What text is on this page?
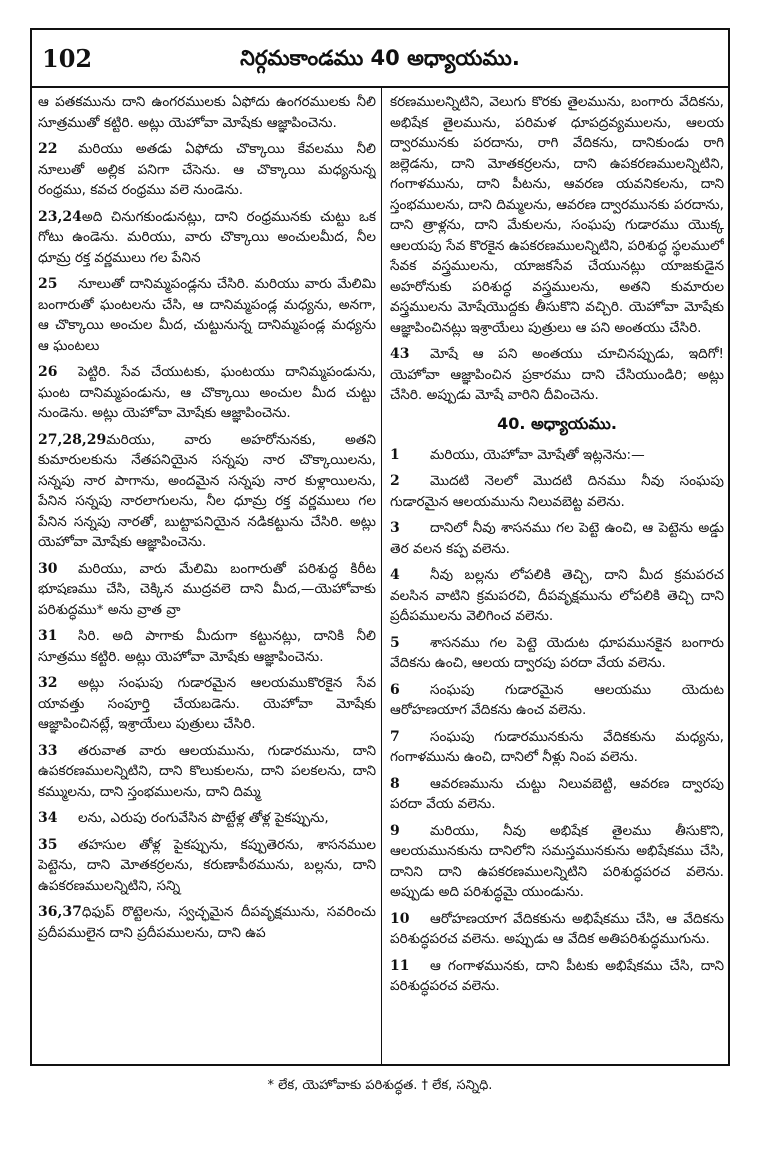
102	నిర్గమకాండము 40 అధ్యాయము.

ఆ పతకమును దాని ఉంగరములకు ఏఫోదు ఉంగరములకు నీలి సూత్రముతో కట్టిరి. అట్లు యెహోవా మోషేకు ఆజ్ఞాపించెను.

22 మరియు అతడు ఏఫోదు చొక్కాయి కేవలము నీలి నూలుతో అల్లిక పనిగా చేసెను. ఆ చొక్కాయి మధ్యనున్న రంధ్రము, కవచ రంధ్రము వలె నుండెను.

23,24అది చినుగకుండునట్లు, దాని రంధ్రమునకు చుట్టు ఒక గోటు ఉండెను. మరియు, వారు చొక్కాయి అంచులమీద, నీల ధూమ్ర రక్త వర్ణములు గల పేనిన

25 నూలుతో దానిమ్మపండ్లను చేసిరి. మరియు వారు మేలిమి బంగారుతో ఘంటలను చేసి, ఆ దానిమ్మపండ్ల మధ్యను, అనగా, ఆ చొక్కాయి అంచుల మీద, చుట్టునున్న దానిమ్మపండ్ల మధ్యను ఆ ఘంటలు

26 పెట్టిరి. సేవ చేయుటకు, ఘంటయు దానిమ్మపండును, ఘంట దానిమ్మపండును, ఆ చొక్కాయి అంచుల మీద చుట్టు నుండెను. అట్లు యెహోవా మోషేకు ఆజ్ఞాపించెను.

27,28,29మరియు, వారు అహరోనునకు, అతని కుమారులకును నేతపనియైన సన్నపు నార చొక్కాయిలను, సన్నపు నార పాగాను, అందమైన సన్నపు నార కుళ్లాయిలను, పేనిన సన్నపు నారలాగులను, నీల ధూమ్ర రక్త వర్ణములు గల పేనిన సన్నపు నారతో, బుట్టాపనియైన నడికట్టును చేసిరి. అట్లు యెహోవా మోషేకు ఆజ్ఞాపించెను.

30 మరియు, వారు మేలిమి బంగారుతో పరిశుద్ధ కిరీట భూషణము చేసి, చెక్కిన ముద్రవలె దాని మీద,—యెహోవాకు పరిశుద్ధము* అను వ్రాత వ్రా

31 సిరి. అది పాగాకు మీదుగా కట్టునట్లు, దానికి నీలి సూత్రము కట్టిరి. అట్లు యెహోవా మోషేకు ఆజ్ఞాపించెను.

32 అట్లు సంఘపు గుడారమైన ఆలయముకొరకైన సేవ యావత్తు సంపూర్తి చేయబడెను. యెహోవా మోషేకు ఆజ్ఞాపించినట్లే, ఇశ్రాయేలు పుత్రులు చేసిరి.

33 తరువాత వారు ఆలయమును, గుడారమును, దాని ఉపకరణములన్నిటిని, దాని కొలుకులను, దాని పలకలను, దాని కమ్ములను, దాని స్తంభములను, దాని దిమ్మ

34 లను, ఎరుపు రంగువేసిన పొట్టేళ్ల తోళ్ల పైకప్పును,

35 తహసుల తోళ్ల పైకప్పును, కప్పుతెరను, శాసనముల పెట్టెను, దాని మోతకర్రలను, కరుణాపీఠమును, బల్లను, దాని ఉపకరణములన్నిటిని, సన్ని

36,37ధిఫుప్ రొట్టెలను, స్వచ్ఛమైన దీపవృక్షమును, సవరించు ప్రదీపములైన దాని ప్రదీపములను, దాని ఉప

కరణములన్నిటిని, వెలుగు కొరకు తైలమును, బంగారు వేదికను, అభిషేక తైలమును, పరిమళ ధూపద్రవ్యములను, ఆలయ ద్వారమునకు పరదాను, రాగి వేదికను, దానికుండు రాగి జల్లెడను, దాని మోతకర్రలను, దాని ఉపకరణములన్నిటిని, గంగాళమును, దాని పీటను, ఆవరణ యవనికలను, దాని స్తంభములను, దాని దిమ్మలను, ఆవరణ ద్వారమునకు పరదాను, దాని త్రాళ్లను, దాని మేకులను, సంఘపు గుడారము యొక్క ఆలయపు సేవ కొరకైన ఉపకరణములన్నిటిని, పరిశుద్ధ స్థలములో సేవక వస్త్రములను, యాజకసేవ చేయునట్లు యాజకుడైన అహరోనుకు పరిశుద్ధ వస్త్రములను, అతని కుమారుల వస్త్రములను మోషేయొద్దకు తీసుకొని వచ్చిరి. యెహోవా మోషేకు ఆజ్ఞాపించినట్లు ఇశ్రాయేలు పుత్రులు ఆ పని అంతయు చేసిరి.

43 మోషే ఆ పని అంతయు చూచినప్పుడు, ఇదిగో! యెహోవా ఆజ్ఞాపించిన ప్రకారము దాని చేసియుండిరి; అట్లు చేసిరి. అప్పుడు మోషే వారిని దీవించెను.

40. అధ్యాయము.

1 మరియు, యెహోవా మోషేతో ఇట్లనెను:—

2 మొదటి నెలలో మొదటి దినము నీవు సంఘపు గుడారమైన ఆలయమును నిలువబెట్ట వలెను.

3 దానిలో నీవు శాసనము గల పెట్టె ఉంచి, ఆ పెట్టెను అడ్డు తెర వలన కప్ప వలెను.

4 నీవు బల్లను లోపలికి తెచ్చి, దాని మీద క్రమపరచ వలసిన వాటిని క్రమపరచి, దీపవృక్షమును లోపలికి తెచ్చి దాని ప్రదీపములను వెలిగించ వలెను.

5 శాసనము గల పెట్టె యెదుట ధూపమునకైన బంగారు వేదికను ఉంచి, ఆలయ ద్వారపు పరదా వేయ వలెను.

6 సంఘపు గుడారమైన ఆలయము యెదుట ఆరోహణయాగ వేదికను ఉంచ వలెను.

7 సంఘపు గుడారమునకును వేదికకును మధ్యను, గంగాళమును ఉంచి, దానిలో నీళ్లు నింప వలెను.

8 ఆవరణమును చుట్టు నిలువబెట్టి, ఆవరణ ద్వారపు పరదా వేయ వలెను.

9 మరియు, నీవు అభిషేక తైలము తీసుకొని, ఆలయమునకును దానిలోని సమస్తమునకును అభిషేకము చేసి, దానిని దాని ఉపకరణములన్నిటిని పరిశుద్ధపరచ వలెను. అప్పుడు అది పరిశుద్ధమై యుండును.

10 ఆరోహణయాగ వేదికకును అభిషేకము చేసి, ఆ వేదికను పరిశుద్ధపరచ వలెను. అప్పుడు ఆ వేదిక అతిపరిశుద్ధముగును.

11 ఆ గంగాళమునకు, దాని పీటకు అభిషేకము చేసి, దాని పరిశుద్ధపరచ వలెను.

* లేక, యెహోవాకు పరిశుద్ధత. † లేక, సన్నిధి.
